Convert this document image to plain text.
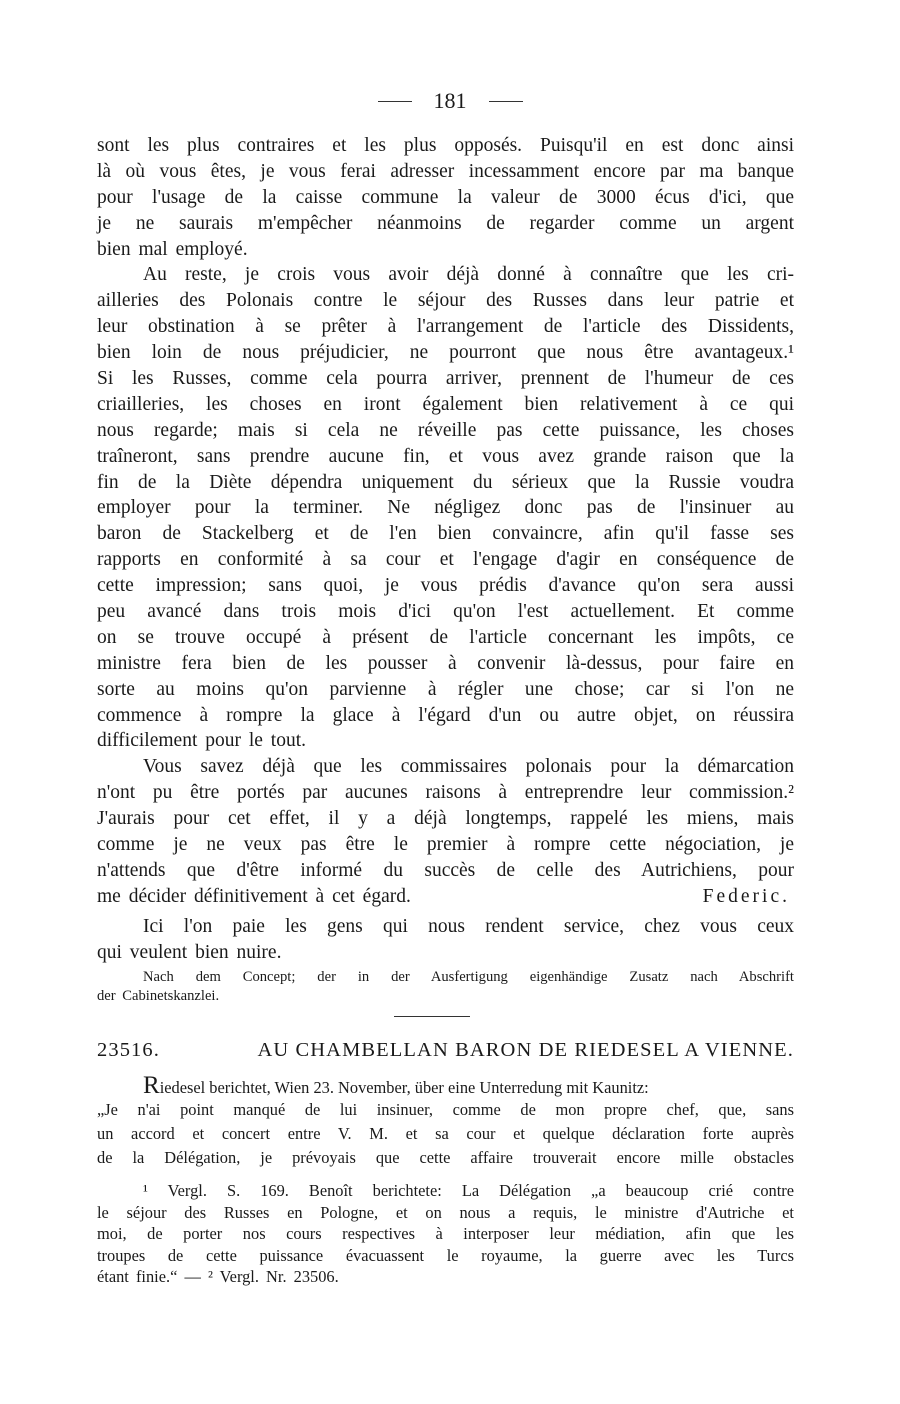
181
sont les plus contraires et les plus opposés. Puisqu'il en est donc ainsi
là où vous êtes, je vous ferai adresser incessamment encore par ma banque
pour l'usage de la caisse commune la valeur de 3000 écus d'ici, que
je ne saurais m'empêcher néanmoins de regarder comme un argent
bien mal employé.
Au reste, je crois vous avoir déjà donné à connaître que les cri-
ailleries des Polonais contre le séjour des Russes dans leur patrie et
leur obstination à se prêter à l'arrangement de l'article des Dissidents,
bien loin de nous préjudicier, ne pourront que nous être avantageux.¹
Si les Russes, comme cela pourra arriver, prennent de l'humeur de ces
criailleries, les choses en iront également bien relativement à ce qui
nous regarde; mais si cela ne réveille pas cette puissance, les choses
traîneront, sans prendre aucune fin, et vous avez grande raison que la
fin de la Diète dépendra uniquement du sérieux que la Russie voudra
employer pour la terminer. Ne négligez donc pas de l'insinuer au
baron de Stackelberg et de l'en bien convaincre, afin qu'il fasse ses
rapports en conformité à sa cour et l'engage d'agir en conséquence de
cette impression; sans quoi, je vous prédis d'avance qu'on sera aussi
peu avancé dans trois mois d'ici qu'on l'est actuellement. Et comme
on se trouve occupé à présent de l'article concernant les impôts, ce
ministre fera bien de les pousser à convenir là-dessus, pour faire en
sorte au moins qu'on parvienne à régler une chose; car si l'on ne
commence à rompre la glace à l'égard d'un ou autre objet, on réussira
difficilement pour le tout.
Vous savez déjà que les commissaires polonais pour la démarcation
n'ont pu être portés par aucunes raisons à entreprendre leur commission.²
J'aurais pour cet effet, il y a déjà longtemps, rappelé les miens, mais
comme je ne veux pas être le premier à rompre cette négociation, je
n'attends que d'être informé du succès de celle des Autrichiens, pour
me décider définitivement à cet égard.	Federic.
Ici l'on paie les gens qui nous rendent service, chez vous ceux
qui veulent bien nuire.
Nach dem Concept; der in der Ausfertigung eigenhändige Zusatz nach Abschrift
der Cabinetskanzlei.
23516.	AU CHAMBELLAN BARON DE RIEDESEL A VIENNE.
R iedesel berichtet, Wien 23. November, über eine Unterredung mit Kaunitz:
„Je n'ai point manqué de lui insinuer, comme de mon propre chef, que, sans
un accord et concert entre V. M. et sa cour et quelque déclaration forte auprès
de la Délégation, je prévoyais que cette affaire trouverait encore mille obstacles
¹ Vergl. S. 169. Benoît berichtete: La Délégation „a beaucoup crié contre
le séjour des Russes en Pologne, et on nous a requis, le ministre d'Autriche et
moi, de porter nos cours respectives à interposer leur médiation, afin que les
troupes de cette puissance évacuassent le royaume, la guerre avec les Turcs
étant finie.“ — ² Vergl. Nr. 23506.
